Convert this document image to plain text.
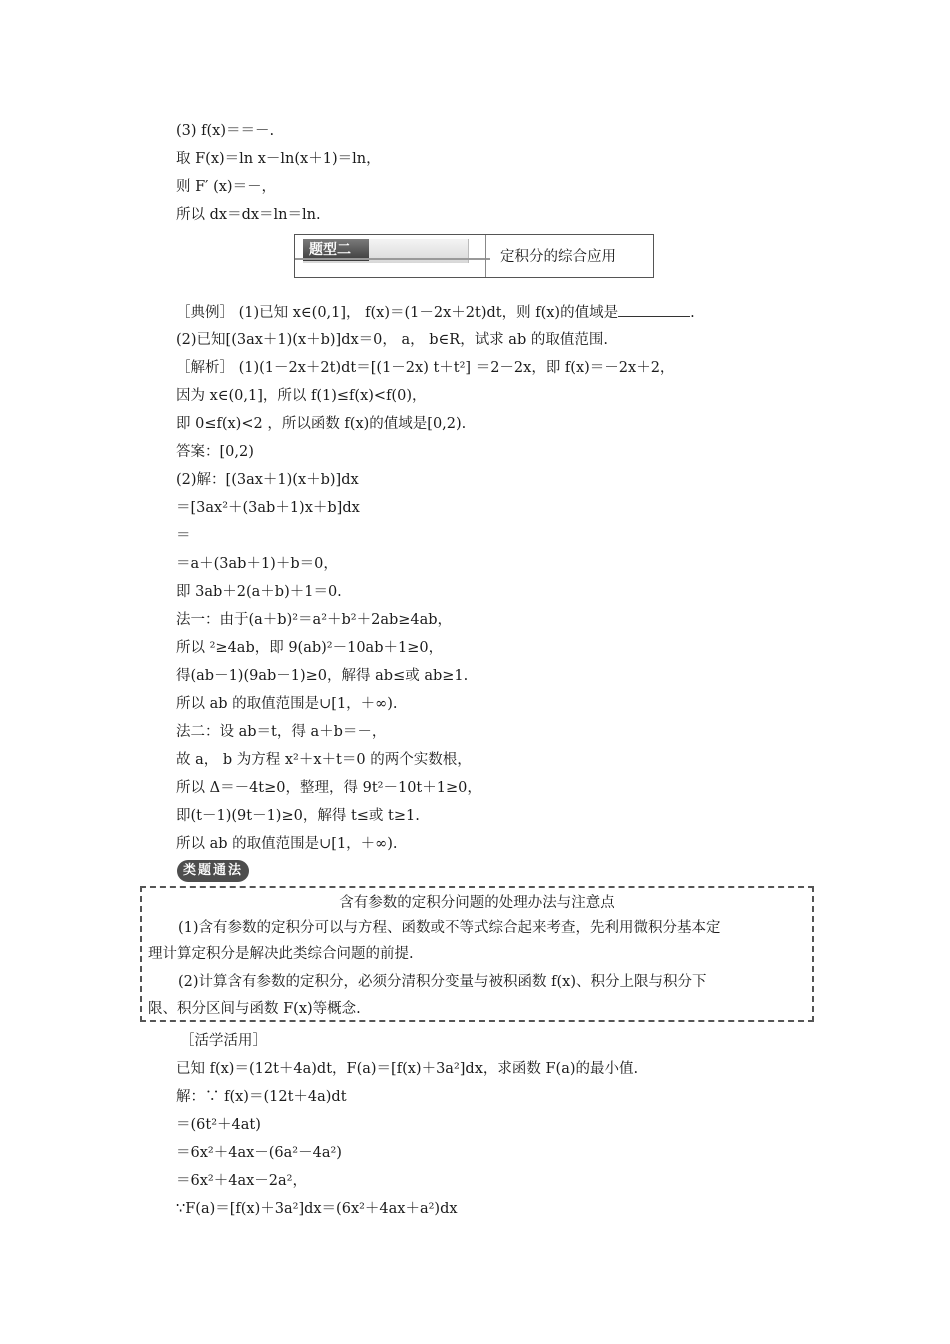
(3) f(x)＝＝－.
取 F(x)＝ln x－ln(x＋1)＝ln，
则 F′ (x)＝－，
所以 dx＝dx＝ln＝ln.
题型二	定积分的综合应用
［典例］ (1)已知 x∈(0,1]， f(x)＝(1－2x＋2t)dt，则 f(x)的值域是	.
(2)已知[(3ax＋1)(x＋b)]dx＝0， a， b∈R，试求 ab 的取值范围.
［解析］ (1)(1－2x＋2t)dt＝[(1－2x) t＋t²] ＝2－2x，即 f(x)＝－2x＋2，
因为 x∈(0,1]，所以 f(1)≤f(x)<f(0)，
即 0≤f(x)<2 ，所以函数 f(x)的值域是[0,2).
答案：[0,2)
(2)解：[(3ax＋1)(x＋b)]dx
＝[3ax²＋(3ab＋1)x＋b]dx
＝
＝a＋(3ab＋1)＋b＝0，
即 3ab＋2(a＋b)＋1＝0.
法一：由于(a＋b)²＝a²＋b²＋2ab≥4ab，
所以 ²≥4ab，即 9(ab)²－10ab＋1≥0，
得(ab－1)(9ab－1)≥0，解得 ab≤或 ab≥1.
所以 ab 的取值范围是∪[1，＋∞).
法二：设 ab＝t，得 a＋b＝－，
故 a， b 为方程 x²＋x＋t＝0 的两个实数根，
所以 Δ＝－4t≥0，整理，得 9t²－10t＋1≥0，
即(t－1)(9t－1)≥0，解得 t≤或 t≥1.
所以 ab 的取值范围是∪[1，＋∞).
类题通法
含有参数的定积分问题的处理办法与注意点
(1)含有参数的定积分可以与方程、函数或不等式综合起来考查，先利用微积分基本定
理计算定积分是解决此类综合问题的前提.
(2)计算含有参数的定积分，必须分清积分变量与被积函数 f(x)、积分上限与积分下
限、积分区间与函数 F(x)等概念.
［活学活用］
已知 f(x)＝(12t＋4a)dt，F(a)＝[f(x)＋3a²]dx，求函数 F(a)的最小值.
解：∵ f(x)＝(12t＋4a)dt
＝(6t²＋4at)
＝6x²＋4ax－(6a²－4a²)
＝6x²＋4ax－2a²，
∵F(a)＝[f(x)＋3a²]dx＝(6x²＋4ax＋a²)dx
